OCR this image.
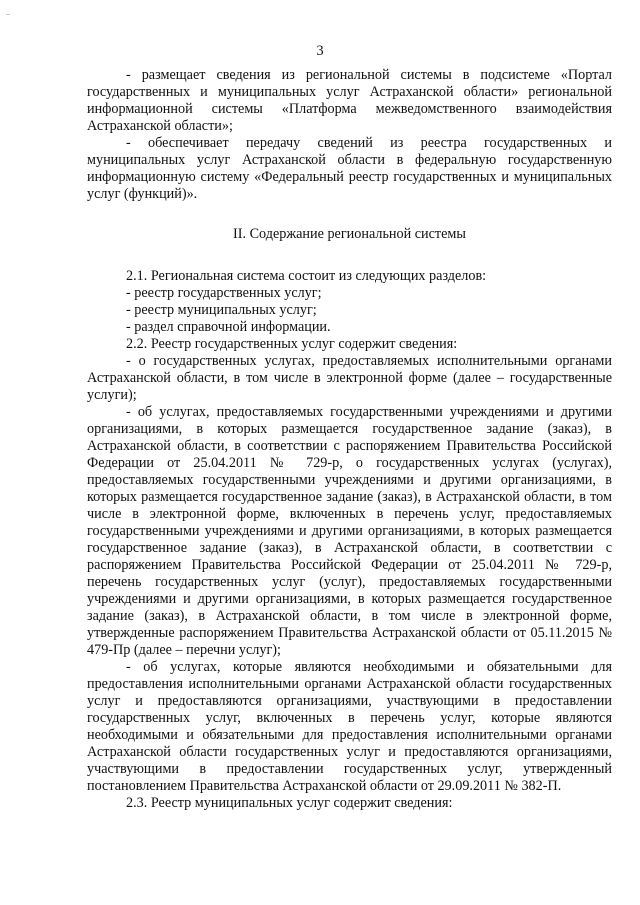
3

- размещает сведения из региональной системы в подсистеме «Портал государственных и муниципальных услуг Астраханской области» региональной информационной системы «Платформа межведомственного взаимодействия Астраханской области»;

- обеспечивает передачу сведений из реестра государственных и муниципальных услуг Астраханской области в федеральную государственную информационную систему «Федеральный реестр государственных и муниципальных услуг (функций)».

II. Содержание региональной системы

2.1. Региональная система состоит из следующих разделов:

- реестр государственных услуг;

- реестр муниципальных услуг;

- раздел справочной информации.

2.2. Реестр государственных услуг содержит сведения:

- о государственных услугах, предоставляемых исполнительными органами Астраханской области, в том числе в электронной форме (далее – государственные услуги);

- об услугах, предоставляемых государственными учреждениями и другими организациями, в которых размещается государственное задание (заказ), в Астраханской области, в соответствии с распоряжением Правительства Российской Федерации от 25.04.2011 № 729-р, о государственных услугах (услугах), предоставляемых государственными учреждениями и другими организациями, в которых размещается государственное задание (заказ), в Астраханской области, в том числе в электронной форме, включенных в перечень услуг, предоставляемых государственными учреждениями и другими организациями, в которых размещается государственное задание (заказ), в Астраханской области, в соответствии с распоряжением Правительства Российской Федерации от 25.04.2011 № 729-р, перечень государственных услуг (услуг), предоставляемых государственными учреждениями и другими организациями, в которых размещается государственное задание (заказ), в Астраханской области, в том числе в электронной форме, утвержденные распоряжением Правительства Астраханской области от 05.11.2015 № 479-Пр (далее – перечни услуг);

- об услугах, которые являются необходимыми и обязательными для предоставления исполнительными органами Астраханской области государственных услуг и предоставляются организациями, участвующими в предоставлении государственных услуг, включенных в перечень услуг, которые являются необходимыми и обязательными для предоставления исполнительными органами Астраханской области государственных услуг и предоставляются организациями, участвующими в предоставлении государственных услуг, утвержденный постановлением Правительства Астраханской области от 29.09.2011 № 382-П.

2.3. Реестр муниципальных услуг содержит сведения:
